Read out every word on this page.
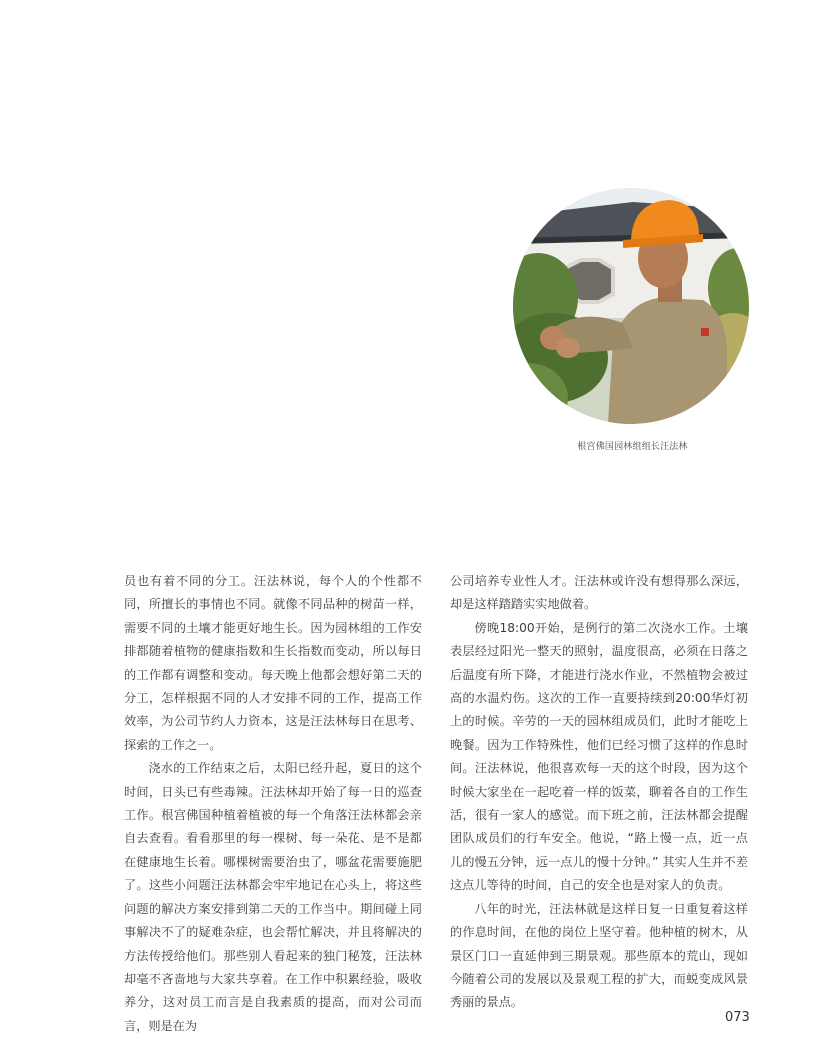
根宫佛国园林组组长汪法林

员也有着不同的分工。汪法林说，每个人的个性都不同，所擅长的事情也不同。就像不同品种的树苗一样，需要不同的土壤才能更好地生长。因为园林组的工作安排都随着植物的健康指数和生长指数而变动，所以每日的工作都有调整和变动。每天晚上他都会想好第二天的分工，怎样根据不同的人才安排不同的工作，提高工作效率，为公司节约人力资本，这是汪法林每日在思考、探索的工作之一。

浇水的工作结束之后，太阳已经升起，夏日的这个时间，日头已有些毒辣。汪法林却开始了每一日的巡查工作。根宫佛国种植着植被的每一个角落汪法林都会亲自去查看。看看那里的每一棵树、每一朵花、是不是都在健康地生长着。哪棵树需要治虫了，哪盆花需要施肥了。这些小问题汪法林都会牢牢地记在心头上，将这些问题的解决方案安排到第二天的工作当中。期间碰上同事解决不了的疑难杂症，也会帮忙解决，并且将解决的方法传授给他们。那些别人看起来的独门秘笈，汪法林却毫不吝啬地与大家共享着。在工作中积累经验，吸收养分，这对员工而言是自我素质的提高，而对公司而言，则是在为

公司培养专业性人才。汪法林或许没有想得那么深远，却是这样踏踏实实地做着。

傍晚18:00开始，是例行的第二次浇水工作。土壤表层经过阳光一整天的照射，温度很高，必须在日落之后温度有所下降，才能进行浇水作业，不然植物会被过高的水温灼伤。这次的工作一直要持续到20:00华灯初上的时候。辛劳的一天的园林组成员们，此时才能吃上晚餐。因为工作特殊性，他们已经习惯了这样的作息时间。汪法林说，他很喜欢每一天的这个时段，因为这个时候大家坐在一起吃着一样的饭菜，聊着各自的工作生活，很有一家人的感觉。而下班之前，汪法林都会提醒团队成员们的行车安全。他说，“路上慢一点，近一点儿的慢五分钟，远一点儿的慢十分钟。” 其实人生并不差这点儿等待的时间，自己的安全也是对家人的负责。

八年的时光，汪法林就是这样日复一日重复着这样的作息时间，在他的岗位上坚守着。他种植的树木，从景区门口一直延伸到三期景观。那些原本的荒山，现如今随着公司的发展以及景观工程的扩大，而蜕变成风景秀丽的景点。

073
